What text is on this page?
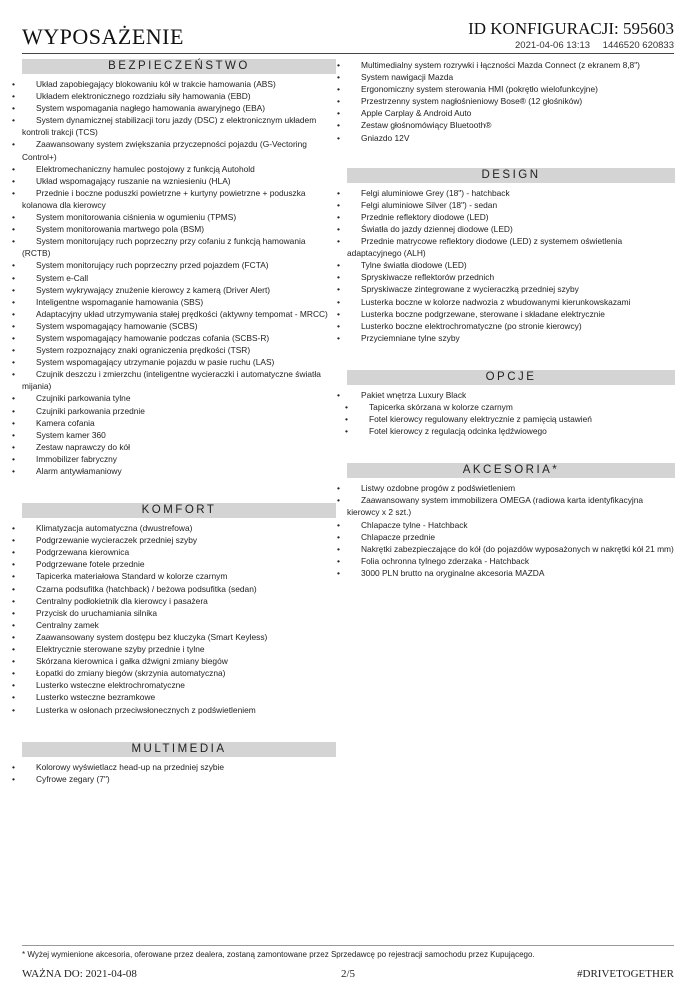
WYPOSAŻENIE	ID KONFIGURACJI: 595603
2021-04-06 13:13 1446520 620833
BEZPIECZEŃSTWO
• Układ zapobiegający blokowaniu kół w trakcie hamowania (ABS)
• Układem elektronicznego rozdziału siły hamowania (EBD)
• System wspomagania nagłego hamowania awaryjnego (EBA)
• System dynamicznej stabilizacji toru jazdy (DSC) z elektronicznym układem kontroli trakcji (TCS)
• Zaawansowany system zwiększania przyczepności pojazdu (G-Vectoring Control+)
• Elektromechaniczny hamulec postojowy z funkcją Autohold
• Układ wspomagający ruszanie na wzniesieniu (HLA)
• Przednie i boczne poduszki powietrzne + kurtyny powietrzne + poduszka kolanowa dla kierowcy
• System monitorowania ciśnienia w ogumieniu (TPMS)
• System monitorowania martwego pola (BSM)
• System monitorujący ruch poprzeczny przy cofaniu z funkcją hamowania (RCTB)
• System monitorujący ruch poprzeczny przed pojazdem (FCTA)
• System e-Call
• System wykrywający znużenie kierowcy z kamerą (Driver Alert)
• Inteligentne wspomaganie hamowania (SBS)
• Adaptacyjny układ utrzymywania stałej prędkości (aktywny tempomat - MRCC)
• System wspomagający hamowanie (SCBS)
• System wspomagający hamowanie podczas cofania (SCBS-R)
• System rozpoznający znaki ograniczenia prędkości (TSR)
• System wspomagający utrzymanie pojazdu w pasie ruchu (LAS)
• Czujnik deszczu i zmierzchu (inteligentne wycieraczki i automatyczne światła mijania)
• Czujniki parkowania tylne
• Czujniki parkowania przednie
• Kamera cofania
• System kamer 360
• Zestaw naprawczy do kół
• Immobilizer fabryczny
• Alarm antywłamaniowy
KOMFORT
• Klimatyzacja automatyczna (dwustrefowa)
• Podgrzewanie wycieraczek przedniej szyby
• Podgrzewana kierownica
• Podgrzewane fotele przednie
• Tapicerka materiałowa Standard w kolorze czarnym
• Czarna podsufitka (hatchback) / beżowa podsufitka (sedan)
• Centralny podłokietnik dla kierowcy i pasażera
• Przycisk do uruchamiania silnika
• Centralny zamek
• Zaawansowany system dostępu bez kluczyka (Smart Keyless)
• Elektrycznie sterowane szyby przednie i tylne
• Skórzana kierownica i gałka dźwigni zmiany biegów
• Łopatki do zmiany biegów (skrzynia automatyczna)
• Lusterko wsteczne elektrochromatyczne
• Lusterko wsteczne bezramkowe
• Lusterka w osłonach przeciwsłonecznych z podświetleniem
MULTIMEDIA
• Kolorowy wyświetlacz head-up na przedniej szybie
• Cyfrowe zegary (7")
• Multimedialny system rozrywki i łączności Mazda Connect (z ekranem 8,8")
• System nawigacji Mazda
• Ergonomiczny system sterowania HMI (pokrętło wielofunkcyjne)
• Przestrzenny system nagłośnieniowy Bose® (12 głośników)
• Apple Carplay & Android Auto
• Zestaw głośnomówiący Bluetooth®
• Gniazdo 12V
DESIGN
• Felgi aluminiowe Grey (18") - hatchback
• Felgi aluminiowe Silver (18") - sedan
• Przednie reflektory diodowe (LED)
• Światła do jazdy dziennej diodowe (LED)
• Przednie matrycowe reflektory diodowe (LED) z systemem oświetlenia adaptacyjnego (ALH)
• Tylne światła diodowe (LED)
• Spryskiwacze reflektorów przednich
• Spryskiwacze zintegrowane z wycieraczką przedniej szyby
• Lusterka boczne w kolorze nadwozia z wbudowanymi kierunkowskazami
• Lusterka boczne podgrzewane, sterowane i składane elektrycznie
• Lusterko boczne elektrochromatyczne (po stronie kierowcy)
• Przyciemniane tylne szyby
OPCJE
• Pakiet wnętrza Luxury Black
• Tapicerka skórzana w kolorze czarnym
• Fotel kierowcy regulowany elektrycznie z pamięcią ustawień
• Fotel kierowcy z regulacją odcinka lędźwiowego
AKCESORIA*
• Listwy ozdobne progów z podświetleniem
• Zaawansowany system immobilizera OMEGA (radiowa karta identyfikacyjna kierowcy x 2 szt.)
• Chlapacze tylne - Hatchback
• Chlapacze przednie
• Nakrętki zabezpieczające do kół (do pojazdów wyposażonych w nakrętki kół 21 mm)
• Folia ochronna tylnego zderzaka - Hatchback
• 3000 PLN brutto na oryginalne akcesoria MAZDA
* Wyżej wymienione akcesoria, oferowane przez dealera, zostaną zamontowane przez Sprzedawcę po rejestracji samochodu przez Kupującego.
WAŻNA DO: 2021-04-08	2/5	#DRIVETOGETHER
